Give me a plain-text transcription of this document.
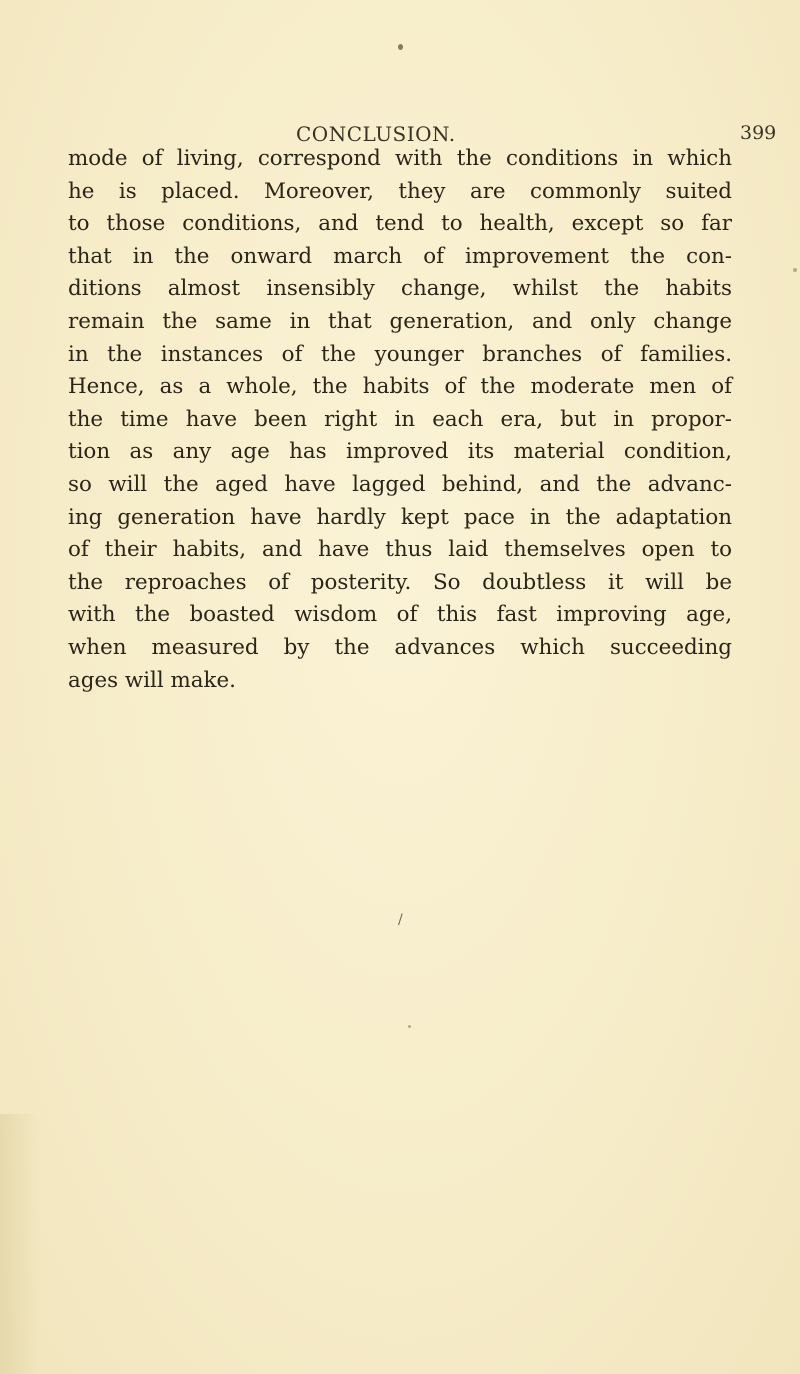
CONCLUSION.	399
mode of living, correspond with the conditions in which
he is placed. Moreover, they are commonly suited
to those conditions, and tend to health, except so far
that in the onward march of improvement the con-
ditions almost insensibly change, whilst the habits
remain the same in that generation, and only change
in the instances of the younger branches of families.
Hence, as a whole, the habits of the moderate men of
the time have been right in each era, but in propor-
tion as any age has improved its material condition,
so will the aged have lagged behind, and the advanc-
ing generation have hardly kept pace in the adaptation
of their habits, and have thus laid themselves open to
the reproaches of posterity. So doubtless it will be
with the boasted wisdom of this fast improving age,
when measured by the advances which succeeding
ages will make.
/
